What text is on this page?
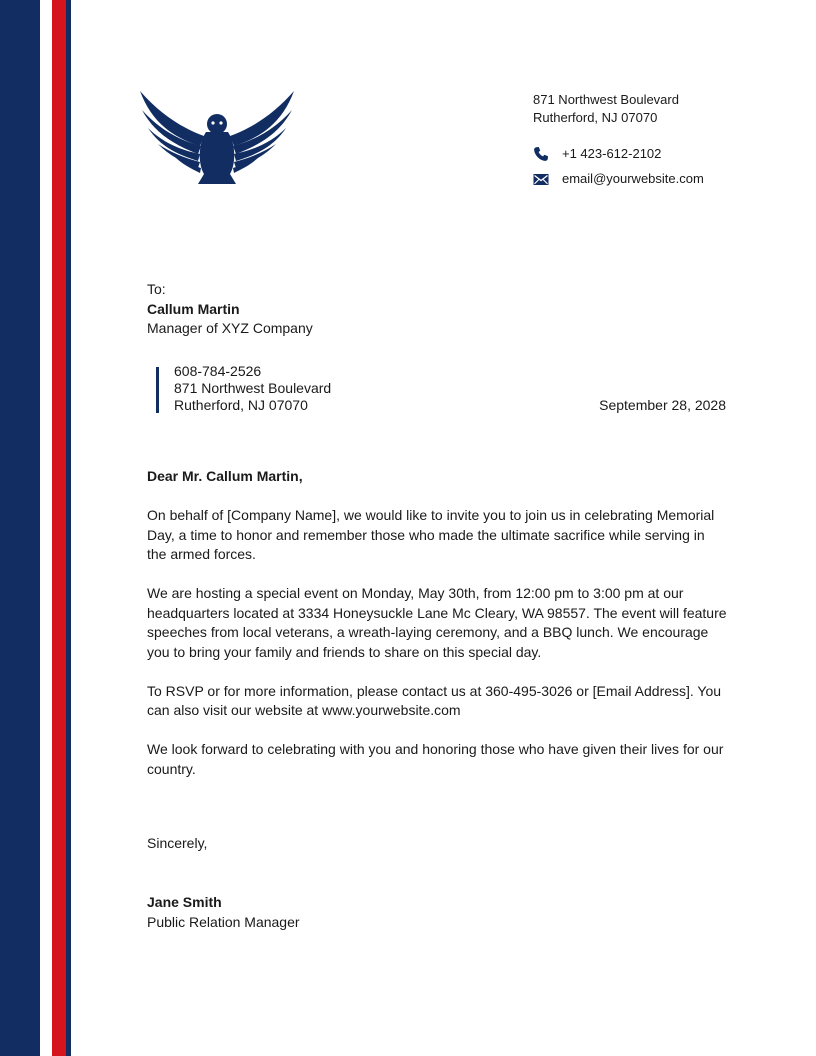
871 Northwest Boulevard
Rutherford, NJ 07070
+1 423-612-2102
email@yourwebsite.com
To:
Callum Martin
Manager of XYZ Company
608-784-2526
871 Northwest Boulevard
Rutherford, NJ 07070	September 28, 2028
Dear Mr. Callum Martin,

On behalf of [Company Name], we would like to invite you to join us in celebrating Memorial Day, a time to honor and remember those who made the ultimate sacrifice while serving in the armed forces.

We are hosting a special event on Monday, May 30th, from 12:00 pm to 3:00 pm at our headquarters located at 3334 Honeysuckle Lane Mc Cleary, WA 98557. The event will feature speeches from local veterans, a wreath-laying ceremony, and a BBQ lunch. We encourage you to bring your family and friends to share on this special day.

To RSVP or for more information, please contact us at 360-495-3026 or [Email Address]. You can also visit our website at www.yourwebsite.com

We look forward to celebrating with you and honoring those who have given their lives for our country.

Sincerely,
Jane Smith
Public Relation Manager
